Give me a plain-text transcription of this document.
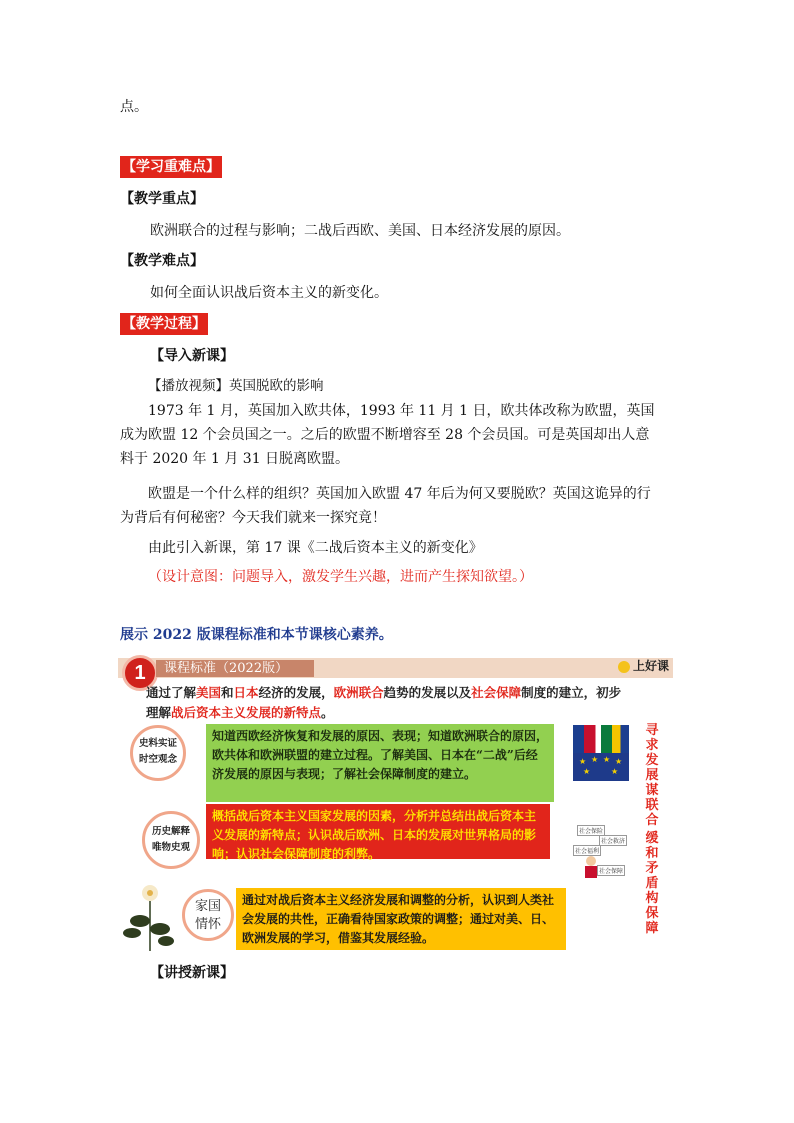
点。
【学习重难点】
【教学重点】
欧洲联合的过程与影响；二战后西欧、美国、日本经济发展的原因。
【教学难点】
如何全面认识战后资本主义的新变化。
【教学过程】
【导入新课】
【播放视频】英国脱欧的影响
1973 年 1 月，英国加入欧共体，1993 年 11 月 1 日，欧共体改称为欧盟，英国成为欧盟 12 个会员国之一。之后的欧盟不断增容至 28 个会员国。可是英国却出人意料于 2020 年 1 月 31 日脱离欧盟。
欧盟是一个什么样的组织？英国加入欧盟 47 年后为何又要脱欧？英国这诡异的行为背后有何秘密？今天我们就来一探究竟！
由此引入新课，第 17 课《二战后资本主义的新变化》
（设计意图：问题导入，激发学生兴趣，进而产生探知欲望。）
展示 2022 版课程标准和本节课核心素养。
1	课程标准（2022版）	上好课
通过了解美国和日本经济的发展，欧洲联合趋势的发展以及社会保障制度的建立，初步理解战后资本主义发展的新特点。
史料实证
时空观念
知道西欧经济恢复和发展的原因、表现；知道欧洲联合的原因，欧共体和欧洲联盟的建立过程。了解美国、日本在“二战”后经济发展的原因与表现；了解社会保障制度的建立。
历史解释
唯物史观
概括战后资本主义国家发展的因素，分析并总结出战后资本主义发展的新特点；认识战后欧洲、日本的发展对世界格局的影响；认识社会保障制度的利弊。
家国
情怀
通过对战后资本主义经济发展和调整的分析，认识到人类社会发展的共性，正确看待国家政策的调整；通过对美、日、欧洲发展的学习，借鉴其发展经验。
★ ★ ★ ★
★	★
寻求发展谋联合
社会保险
社会救济
社会福利
社会保障
缓和矛盾构保障
【讲授新课】
